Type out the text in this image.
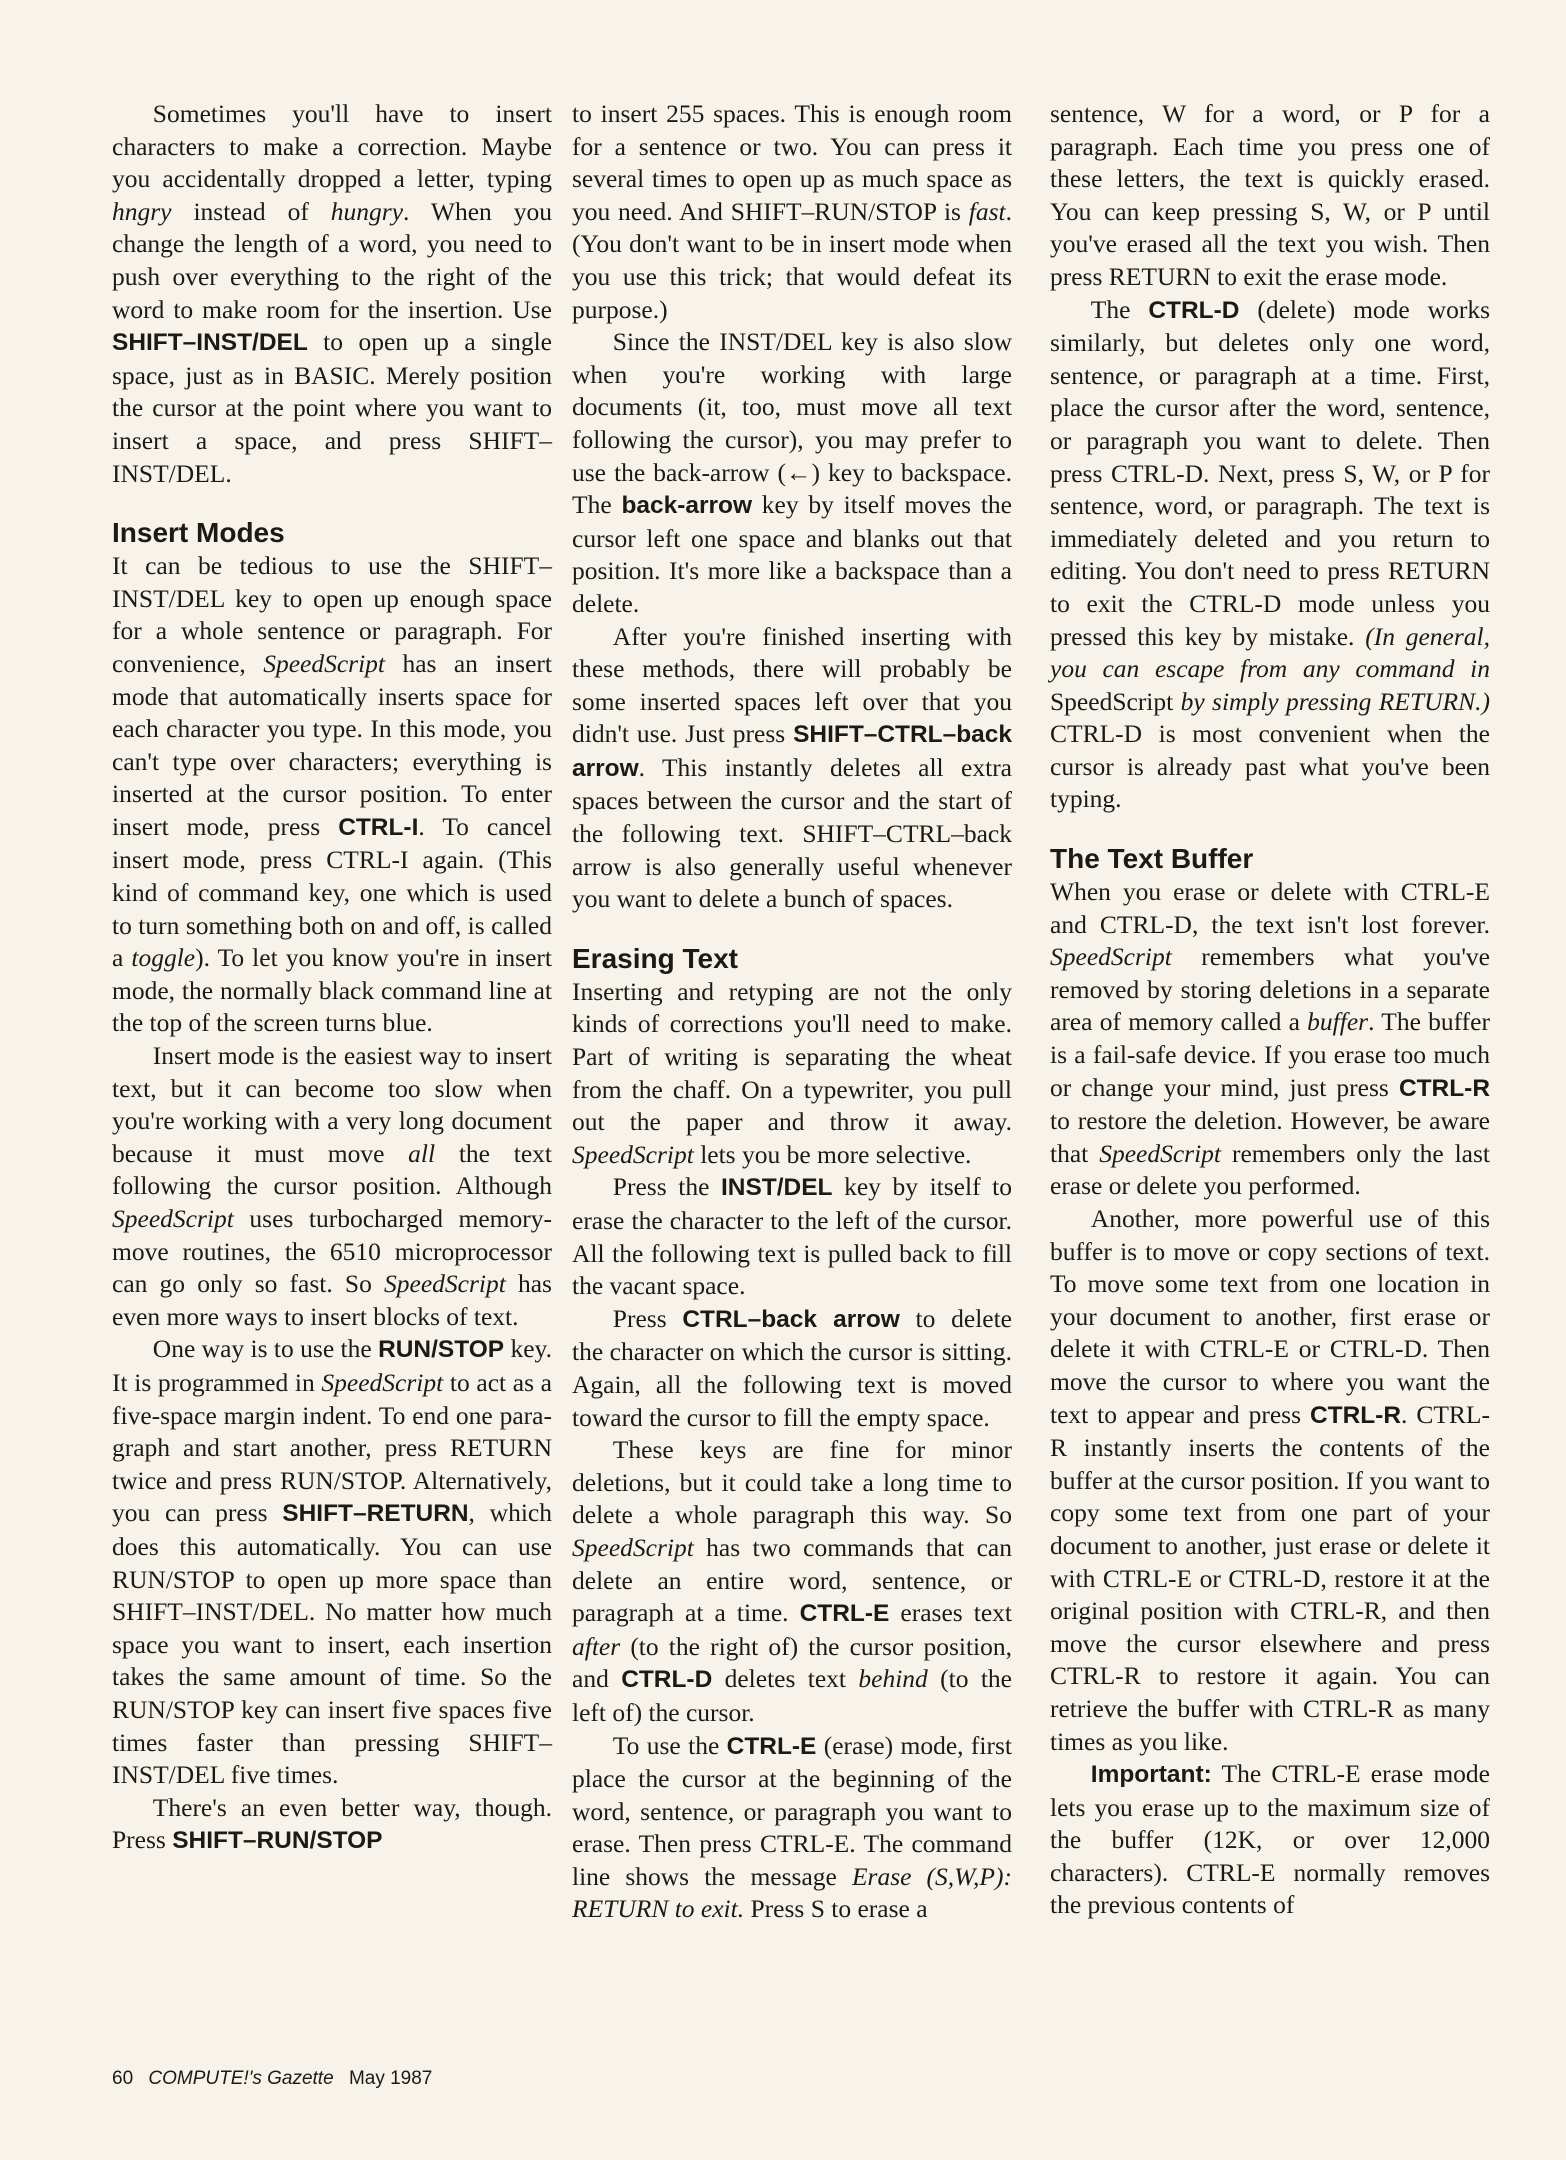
Sometimes you'll have to insert characters to make a correction. Maybe you accidentally dropped a letter, typing hngry instead of hungry. When you change the length of a word, you need to push over everything to the right of the word to make room for the insertion. Use SHIFT–INST/DEL to open up a single space, just as in BASIC. Merely position the cursor at the point where you want to insert a space, and press SHIFT–INST/DEL.

Insert Modes

It can be tedious to use the SHIFT–INST/DEL key to open up enough space for a whole sentence or paragraph. For convenience, SpeedScript has an insert mode that automatically inserts space for each character you type. In this mode, you can't type over characters; everything is inserted at the cursor position. To enter insert mode, press CTRL-I. To cancel insert mode, press CTRL-I again. (This kind of command key, one which is used to turn something both on and off, is called a toggle). To let you know you're in insert mode, the normally black command line at the top of the screen turns blue.

Insert mode is the easiest way to insert text, but it can become too slow when you're working with a very long document because it must move all the text following the cursor position. Although SpeedScript uses turbocharged memory-move routines, the 6510 microprocessor can go only so fast. So SpeedScript has even more ways to insert blocks of text.

One way is to use the RUN/STOP key. It is programmed in SpeedScript to act as a five-space margin indent. To end one paragraph and start another, press RETURN twice and press RUN/STOP. Alternatively, you can press SHIFT–RETURN, which does this automatically. You can use RUN/STOP to open up more space than SHIFT–INST/DEL. No matter how much space you want to insert, each insertion takes the same amount of time. So the RUN/STOP key can insert five spaces five times faster than pressing SHIFT–INST/DEL five times.

There's an even better way, though. Press SHIFT–RUN/STOP

to insert 255 spaces. This is enough room for a sentence or two. You can press it several times to open up as much space as you need. And SHIFT–RUN/STOP is fast. (You don't want to be in insert mode when you use this trick; that would defeat its purpose.)

Since the INST/DEL key is also slow when you're working with large documents (it, too, must move all text following the cursor), you may prefer to use the back-arrow (←) key to backspace. The back-arrow key by itself moves the cursor left one space and blanks out that position. It's more like a backspace than a delete.

After you're finished inserting with these methods, there will probably be some inserted spaces left over that you didn't use. Just press SHIFT–CTRL–back arrow. This instantly deletes all extra spaces between the cursor and the start of the following text. SHIFT–CTRL–back arrow is also generally useful whenever you want to delete a bunch of spaces.

Erasing Text

Inserting and retyping are not the only kinds of corrections you'll need to make. Part of writing is separating the wheat from the chaff. On a typewriter, you pull out the paper and throw it away. SpeedScript lets you be more selective.

Press the INST/DEL key by itself to erase the character to the left of the cursor. All the following text is pulled back to fill the vacant space.

Press CTRL–back arrow to delete the character on which the cursor is sitting. Again, all the following text is moved toward the cursor to fill the empty space.

These keys are fine for minor deletions, but it could take a long time to delete a whole paragraph this way. So SpeedScript has two commands that can delete an entire word, sentence, or paragraph at a time. CTRL-E erases text after (to the right of) the cursor position, and CTRL-D deletes text behind (to the left of) the cursor.

To use the CTRL-E (erase) mode, first place the cursor at the beginning of the word, sentence, or paragraph you want to erase. Then press CTRL-E. The command line shows the message Erase (S,W,P): RETURN to exit. Press S to erase a

sentence, W for a word, or P for a paragraph. Each time you press one of these letters, the text is quickly erased. You can keep pressing S, W, or P until you've erased all the text you wish. Then press RETURN to exit the erase mode.

The CTRL-D (delete) mode works similarly, but deletes only one word, sentence, or paragraph at a time. First, place the cursor after the word, sentence, or paragraph you want to delete. Then press CTRL-D. Next, press S, W, or P for sentence, word, or paragraph. The text is immediately deleted and you return to editing. You don't need to press RETURN to exit the CTRL-D mode unless you pressed this key by mistake. (In general, you can escape from any command in SpeedScript by simply pressing RETURN.) CTRL-D is most convenient when the cursor is already past what you've been typing.

The Text Buffer

When you erase or delete with CTRL-E and CTRL-D, the text isn't lost forever. SpeedScript remembers what you've removed by storing deletions in a separate area of memory called a buffer. The buffer is a fail-safe device. If you erase too much or change your mind, just press CTRL-R to restore the deletion. However, be aware that SpeedScript remembers only the last erase or delete you performed.

Another, more powerful use of this buffer is to move or copy sections of text. To move some text from one location in your document to another, first erase or delete it with CTRL-E or CTRL-D. Then move the cursor to where you want the text to appear and press CTRL-R. CTRL-R instantly inserts the contents of the buffer at the cursor position. If you want to copy some text from one part of your document to another, just erase or delete it with CTRL-E or CTRL-D, restore it at the original position with CTRL-R, and then move the cursor elsewhere and press CTRL-R to restore it again. You can retrieve the buffer with CTRL-R as many times as you like.

Important: The CTRL-E erase mode lets you erase up to the maximum size of the buffer (12K, or over 12,000 characters). CTRL-E normally removes the previous contents of

60 COMPUTE!'s Gazette May 1987
